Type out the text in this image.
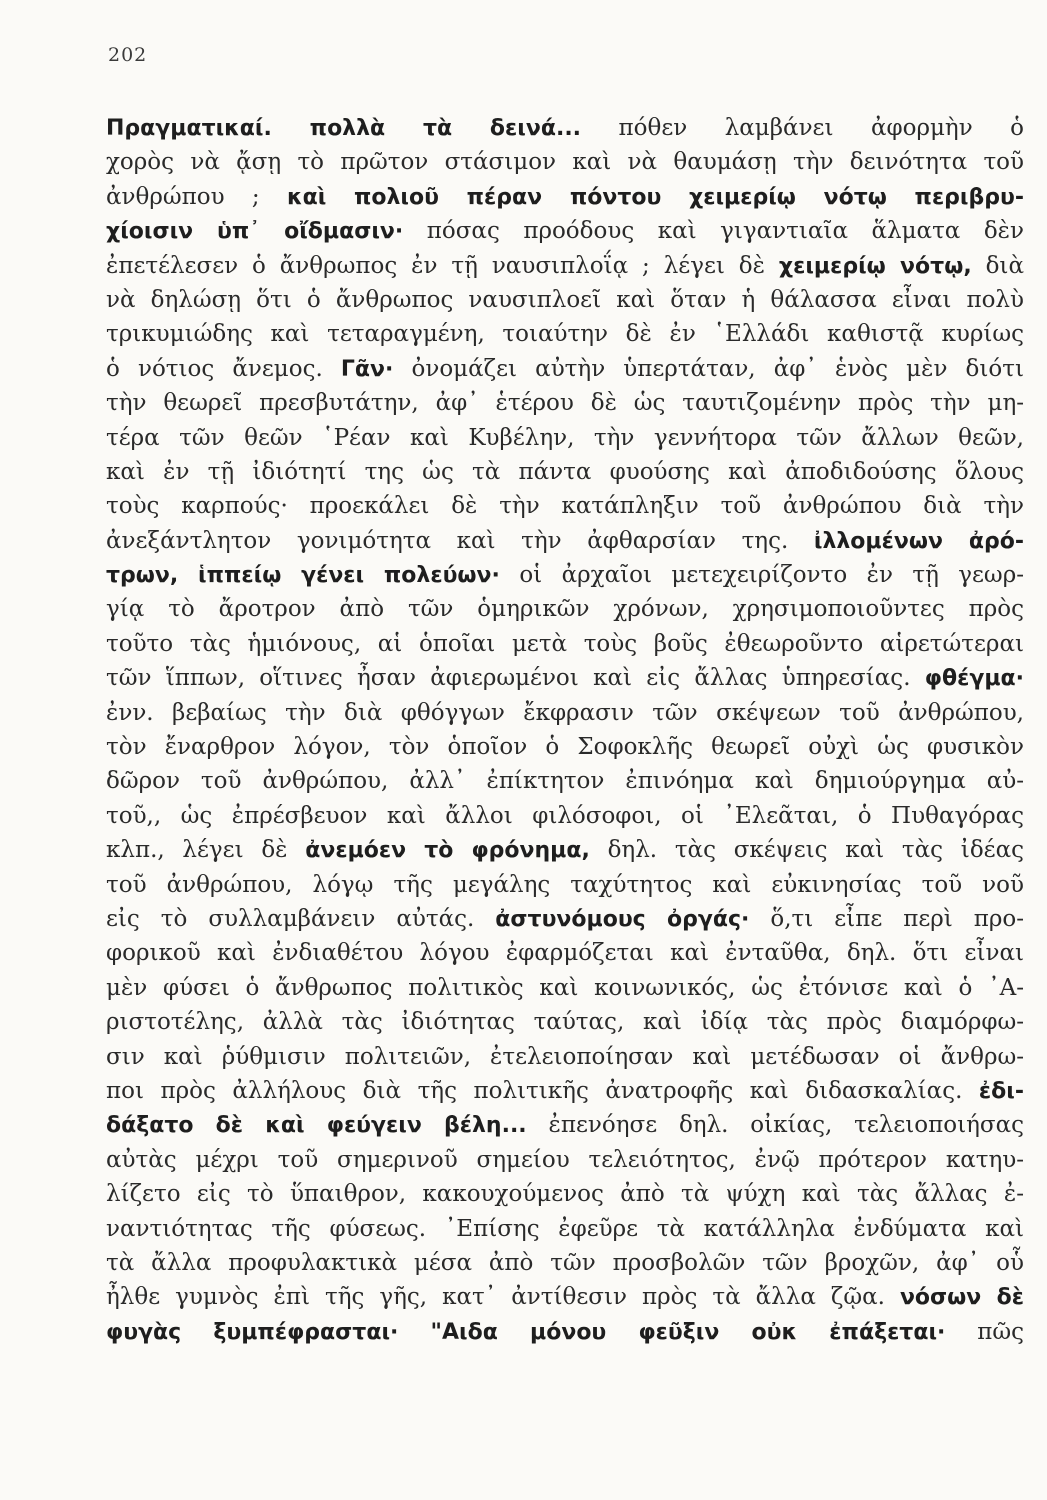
202
Πραγματικαί. πολλὰ τὰ δεινά... πόθεν λαμβάνει ἀφορμὴν ὁ
χορὸς νὰ ᾄσῃ τὸ πρῶτον στάσιμον καὶ νὰ θαυμάσῃ τὴν δεινότητα τοῦ
ἀνθρώπου ; καὶ πολιοῦ πέραν πόντου χειμερίῳ νότῳ περιβρυ-
χίοισιν ὑπ᾽ οἴδμασιν· πόσας προόδους καὶ γιγαντιαῖα ἅλματα δὲν
ἐπετέλεσεν ὁ ἄνθρωπος ἐν τῇ ναυσιπλοΐᾳ ; λέγει δὲ χειμερίῳ νότῳ, διὰ
νὰ δηλώσῃ ὅτι ὁ ἄνθρωπος ναυσιπλοεῖ καὶ ὅταν ἡ θάλασσα εἶναι πολὺ
τρικυμιώδης καὶ τεταραγμένη, τοιαύτην δὲ ἐν ῾Ελλάδι καθιστᾷ κυρίως
ὁ νότιος ἄνεμος. Γᾶν· ὀνομάζει αὐτὴν ὑπερτάταν, ἀφ᾽ ἑνὸς μὲν διότι
τὴν θεωρεῖ πρεσβυτάτην, ἀφ᾽ ἑτέρου δὲ ὡς ταυτιζομένην πρὸς τὴν μη-
τέρα τῶν θεῶν ῾Ρέαν καὶ Κυβέλην, τὴν γεννήτορα τῶν ἄλλων θεῶν,
καὶ ἐν τῇ ἰδιότητί της ὡς τὰ πάντα φυούσης καὶ ἀποδιδούσης ὅλους
τοὺς καρπούς· προεκάλει δὲ τὴν κατάπληξιν τοῦ ἀνθρώπου διὰ τὴν
ἀνεξάντλητον γονιμότητα καὶ τὴν ἀφθαρσίαν της. ἰλλομένων ἀρό-
τρων, ἱππείῳ γένει πολεύων· οἱ ἀρχαῖοι μετεχειρίζοντο ἐν τῇ γεωρ-
γίᾳ τὸ ἄροτρον ἀπὸ τῶν ὁμηρικῶν χρόνων, χρησιμοποιοῦντες πρὸς
τοῦτο τὰς ἡμιόνους, αἱ ὁποῖαι μετὰ τοὺς βοῦς ἐθεωροῦντο αἱρετώτεραι
τῶν ἵππων, οἵτινες ἦσαν ἀφιερωμένοι καὶ εἰς ἄλλας ὑπηρεσίας. φθέγμα·
ἐνν. βεβαίως τὴν διὰ φθόγγων ἔκφρασιν τῶν σκέψεων τοῦ ἀνθρώπου,
τὸν ἔναρθρον λόγον, τὸν ὁποῖον ὁ Σοφοκλῆς θεωρεῖ οὐχὶ ὡς φυσικὸν
δῶρον τοῦ ἀνθρώπου, ἀλλ᾽ ἐπίκτητον ἐπινόημα καὶ δημιούργημα αὐ-
τοῦ,, ὡς ἐπρέσβευον καὶ ἄλλοι φιλόσοφοι, οἱ ᾿Ελεᾶται, ὁ Πυθαγόρας
κλπ., λέγει δὲ ἀνεμόεν τὸ φρόνημα, δηλ. τὰς σκέψεις καὶ τὰς ἰδέας
τοῦ ἀνθρώπου, λόγῳ τῆς μεγάλης ταχύτητος καὶ εὐκινησίας τοῦ νοῦ
εἰς τὸ συλλαμβάνειν αὐτάς. ἀστυνόμους ὀργάς· ὅ,τι εἶπε περὶ προ-
φορικοῦ καὶ ἐνδιαθέτου λόγου ἐφαρμόζεται καὶ ἐνταῦθα, δηλ. ὅτι εἶναι
μὲν φύσει ὁ ἄνθρωπος πολιτικὸς καὶ κοινωνικός, ὡς ἐτόνισε καὶ ὁ ᾿Α-
ριστοτέλης, ἀλλὰ τὰς ἰδιότητας ταύτας, καὶ ἰδίᾳ τὰς πρὸς διαμόρφω-
σιν καὶ ῥύθμισιν πολιτειῶν, ἐτελειοποίησαν καὶ μετέδωσαν οἱ ἄνθρω-
ποι πρὸς ἀλλήλους διὰ τῆς πολιτικῆς ἀνατροφῆς καὶ διδασκαλίας. ἐδι-
δάξατο δὲ καὶ φεύγειν βέλη... ἐπενόησε δηλ. οἰκίας, τελειοποιήσας
αὐτὰς μέχρι τοῦ σημερινοῦ σημείου τελειότητος, ἐνῷ πρότερον κατηυ-
λίζετο εἰς τὸ ὕπαιθρον, κακουχούμενος ἀπὸ τὰ ψύχη καὶ τὰς ἄλλας ἐ-
ναντιότητας τῆς φύσεως. ᾿Επίσης ἐφεῦρε τὰ κατάλληλα ἐνδύματα καὶ
τὰ ἄλλα προφυλακτικὰ μέσα ἀπὸ τῶν προσβολῶν τῶν βροχῶν, ἀφ᾽ οὗ
ἦλθε γυμνὸς ἐπὶ τῆς γῆς, κατ᾽ ἀντίθεσιν πρὸς τὰ ἄλλα ζῷα. νόσων δὲ
φυγὰς ξυμπέφρασται· "Αιδα μόνου φεῦξιν οὐκ ἐπάξεται· πῶς
